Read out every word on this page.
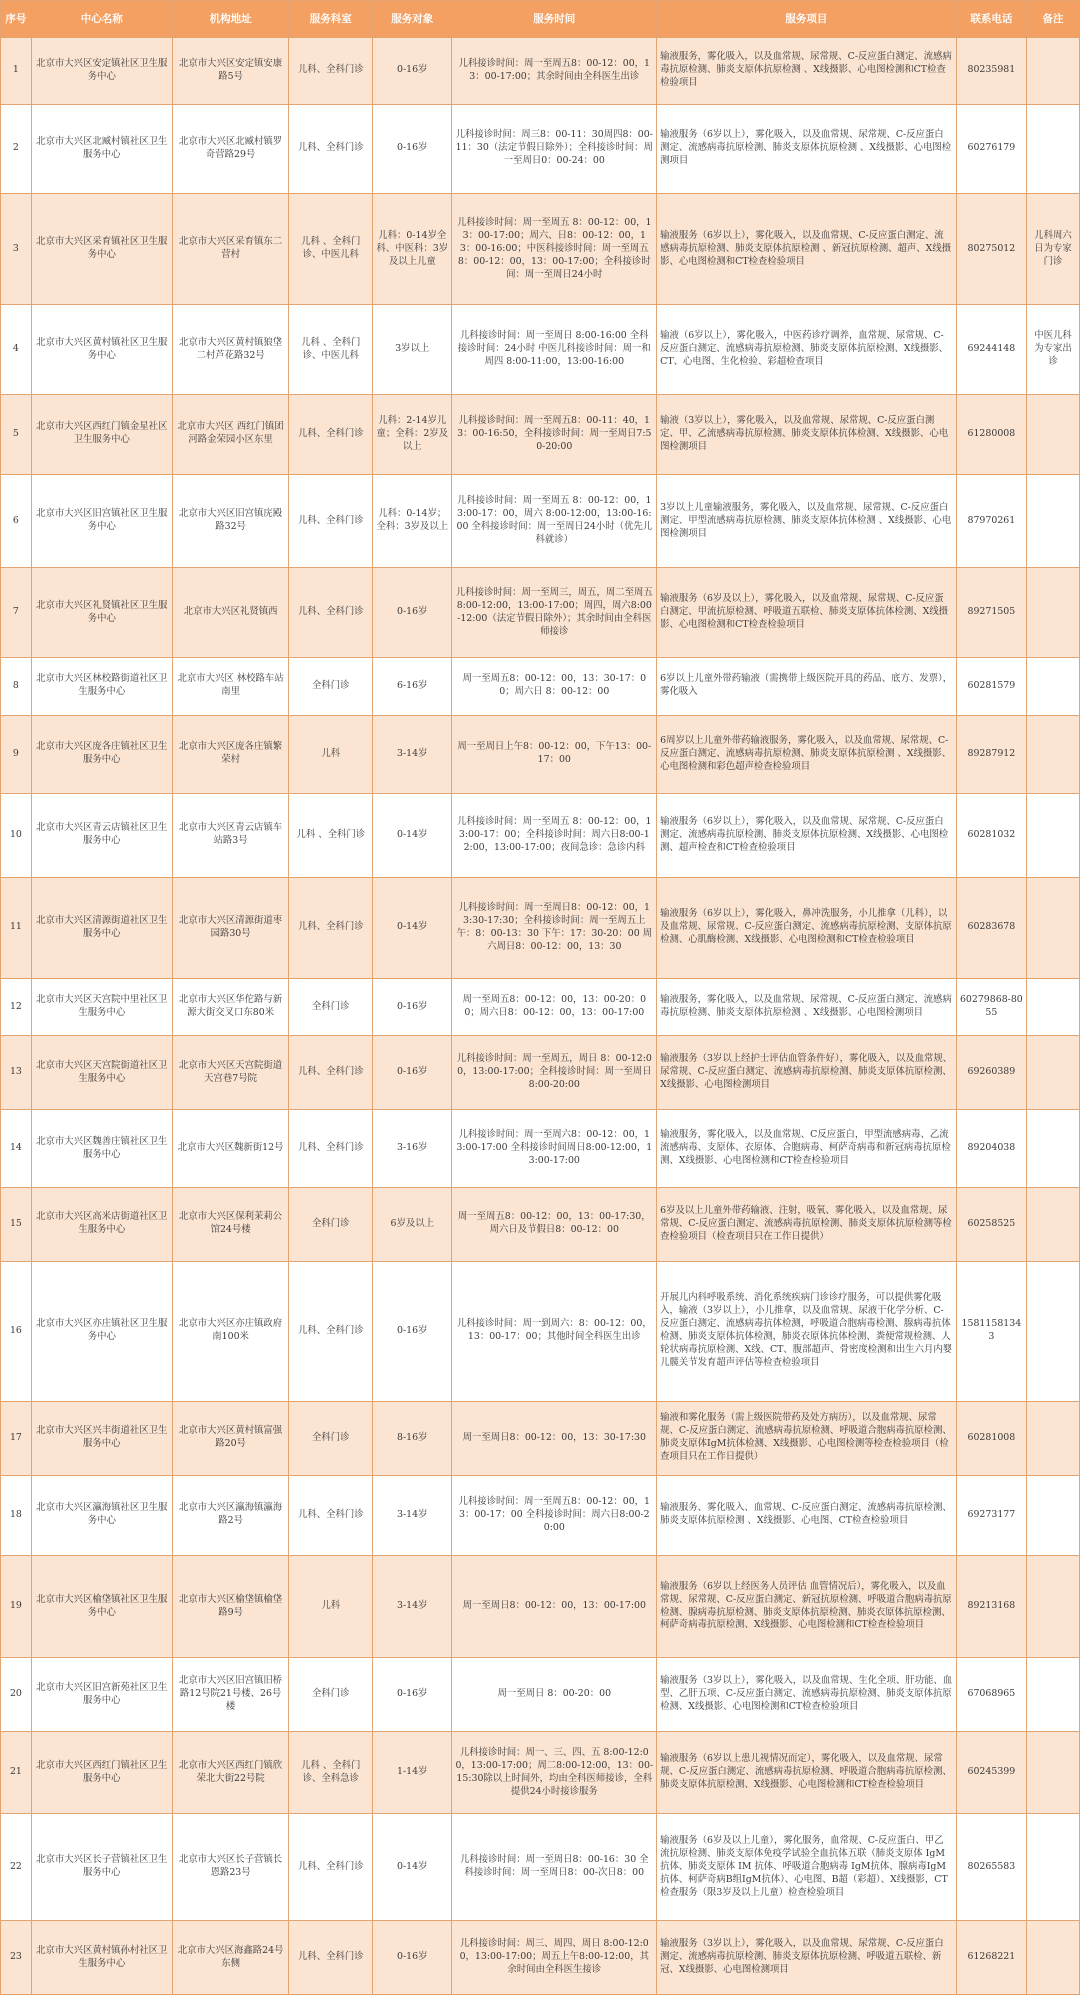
序号	中心名称	机构地址	服务科室	服务对象	服务时间	服务项目	联系电话	备注
1	北京市大兴区安定镇社区卫生服务中心	北京市大兴区安定镇安康路5号	儿科、全科门诊	0-16岁	儿科接诊时间：周一至周五8：00-12：00，13：00-17:00；其余时间由全科医生出诊	输液服务，雾化吸入，以及血常规、尿常规、C-反应蛋白测定、流感病毒抗原检测、肺炎支原体抗原检测 、X线摄影、心电图检测和CT检查检验项目	80235981	
2	北京市大兴区北臧村镇社区卫生服务中心	北京市大兴区北臧村镇罗奇营路29号	儿科、全科门诊	0-16岁	儿科接诊时间：周三8：00-11：30周四8：00-11：30（法定节假日除外）；全科接诊时间：周一至周日0：00-24：00	输液服务（6岁以上），雾化吸入，以及血常规、尿常规、C-反应蛋白测定、流感病毒抗原检测、肺炎支原体抗原检测 、X线摄影、心电图检测项目	60276179	
3	北京市大兴区采育镇社区卫生服务中心	北京市大兴区采育镇东二营村	儿科 、全科门诊、中医儿科	儿科：0-14岁全科、中医科：3岁及以上儿童	儿科接诊时间：周一至周五 8：00-12：00，13：00-17:00；周六、日8：00-12：00，13：00-16:00；中医科接诊时间：周一至周五 8：00-12：00，13：00-17:00；全科接诊时间：周一至周日24小时	输液服务（6岁以上），雾化吸入，以及血常规、C-反应蛋白测定、流感病毒抗原检测、肺炎支原体抗原检测 、新冠抗原检测、超声、X线摄影、心电图检测和CT检查检验项目	80275012	儿科周六日为专家门诊
4	北京市大兴区黄村镇社区卫生服务中心	北京市大兴区黄村镇狼垡二村芦花路32号	儿科 、全科门诊、中医儿科	3岁以上	儿科接诊时间：周一至周日 8:00-16:00 全科接诊时间：24小时 中医儿科接诊时间：周一和周四 8:00-11:00，13:00-16:00	输液（6岁以上），雾化吸入，中医药诊疗调养，血常规、尿常规、C-反应蛋白测定、流感病毒抗原检测、肺炎支原体抗原检测、X线摄影、CT、心电图、生化检验、彩超检查项目	69244148	中医儿科为专家出诊
5	北京市大兴区西红门镇金星社区卫生服务中心	北京市大兴区 西红门镇团河路金荣园小区东里	儿科、全科门诊	儿科：2-14岁儿童；全科：2岁及以上	儿科接诊时间：周一至周五8：00-11：40，13：00-16:50，全科接诊时间：周一至周日7:50-20:00	输液（3岁以上），雾化吸入，以及血常规、尿常规、C-反应蛋白测定、甲、乙流感病毒抗原检测、肺炎支原体抗体检测、X线摄影、心电图检测项目	61280008	
6	北京市大兴区旧宫镇社区卫生服务中心	北京市大兴区旧宫镇庑殿路32号	儿科、全科门诊	儿科：0-14岁；全科：3岁及以上	儿科接诊时间：周一至周五 8：00-12：00，13:00-17：00，周六 8:00-12:00，13:00-16:00 全科接诊时间：周一至周日24小时（优先儿科就诊）	3岁以上儿童输液服务，雾化吸入，以及血常规、尿常规、C-反应蛋白测定、甲型流感病毒抗原检测、肺炎支原体抗体检测 、X线摄影、心电图检测项目	87970261	
7	北京市大兴区礼贤镇社区卫生服务中心	北京市大兴区礼贤镇西	儿科、全科门诊	0-16岁	儿科接诊时间：周一至周三，周五，周二至周五8:00-12:00，13:00-17:00；周四，周六8:00-12:00（法定节假日除外）；其余时间由全科医师接诊	输液服务（6岁及以上），雾化吸入，以及血常规、尿常规、C-反应蛋白测定、甲流抗原检测、呼吸道五联检、肺炎支原体抗体检测、X线摄影、心电图检测和CT检查检验项目	89271505	
8	北京市大兴区林校路街道社区卫生服务中心	北京市大兴区 林校路车站南里	全科门诊	6-16岁	周一至周五8：00-12：00，13：30-17：00；周六日 8：00-12：00	6岁以上儿童外带药输液（需携带上级医院开具的药品、底方、发票），雾化吸入	60281579	
9	北京市大兴区庞各庄镇社区卫生服务中心	北京市大兴区庞各庄镇繁荣村	儿科	3-14岁	周一至周日上午8：00-12：00，下午13：00-17：00	6周岁以上儿童外带药输液服务，雾化吸入，以及血常规、尿常规、C-反应蛋白测定、流感病毒抗原检测、肺炎支原体抗原检测 、X线摄影、心电图检测和彩色超声检查检验项目	89287912	
10	北京市大兴区青云店镇社区卫生服务中心	北京市大兴区青云店镇车站路3号	儿科 、全科门诊	0-14岁	儿科接诊时间：周一至周五 8：00-12：00，13:00-17：00；全科接诊时间：周六日8:00-12:00，13:00-17:00；夜间急诊：急诊内科	输液服务（6岁以上），雾化吸入，以及血常规、尿常规、C-反应蛋白测定、流感病毒抗原检测、肺炎支原体抗原检测、X线摄影、心电图检测、超声检查和CT检查检验项目	60281032	
11	北京市大兴区清源街道社区卫生服务中心	北京市大兴区清源街道枣园路30号	儿科、全科门诊	0-14岁	儿科接诊时间：周一至周日8：00-12：00，13:30-17:30；全科接诊时间：周一至周五上午：8：00-13：30 下午：17：30-20：00 周六周日8：00-12：00，13：30	输液服务（6岁以上），雾化吸入，鼻冲洗服务，小儿推拿（儿科），以及血常规、尿常规、C-反应蛋白测定、流感病毒抗原检测、支原体抗原检测、心肌酶检测、X线摄影、心电图检测和CT检查检验项目	60283678	
12	北京市大兴区天宫院中里社区卫生服务中心	北京市大兴区华佗路与新源大街交叉口东80米	全科门诊	0-16岁	周一至周五8：00-12：00，13：00-20：00；周六日8：00-12：00，13：00-17:00	输液服务，雾化吸入，以及血常规、尿常规、C-反应蛋白测定、流感病毒抗原检测、肺炎支原体抗原检测 、X线摄影、心电图检测项目	60279868-8055	
13	北京市大兴区天宫院街道社区卫生服务中心	北京市大兴区天宫院街道天宫巷7号院	儿科、全科门诊	0-16岁	儿科接诊时间：周一至周五，周日 8：00-12:00，13:00-17:00；全科接诊时间：周一至周日 8:00-20:00	输液服务（3岁以上经护士评估血管条件好），雾化吸入，以及血常规、尿常规、C-反应蛋白测定、流感病毒抗原检测、肺炎支原体抗原检测、X线摄影、心电图检测项目	69260389	
14	北京市大兴区魏善庄镇社区卫生服务中心	北京市大兴区魏新街12号	儿科、全科门诊	3-16岁	儿科接诊时间：周一至周六8：00-12：00，13:00-17:00 全科接诊时间周日8:00-12:00，13:00-17:00	输液服务，雾化吸入，以及血常规、C反应蛋白，甲型流感病毒、乙流流感病毒、支原体、衣原体、合胞病毒、柯萨奇病毒和新冠病毒抗原检测、X线摄影、心电图检测和CT检查检验项目	89204038	
15	北京市大兴区高米店街道社区卫生服务中心	北京市大兴区保利茉莉公馆24号楼	全科门诊	6岁及以上	周一至周五8：00-12：00，13：00-17:30，周六日及节假日8：00-12：00	6岁及以上儿童外带药输液、注射，吸氧、雾化吸入，以及血常规、尿常规、C-反应蛋白测定、流感病毒抗原检测、肺炎支原体抗原检测等检查检验项目（检查项目只在工作日提供）	60258525	
16	北京市大兴区亦庄镇社区卫生服务中心	北京市大兴区亦庄镇政府南100米	儿科、全科门诊	0-16岁	儿科接诊时间：周一到周六：8：00-12：00，13：00-17：00；其他时间全科医生出诊	开展儿内科呼吸系统、消化系统疾病门诊诊疗服务，可以提供雾化吸入，输液（3岁以上），小儿推拿，以及血常规、尿液干化学分析、C-反应蛋白测定、流感病毒抗体检测，呼吸道合胞病毒检测、腺病毒抗体检测、肺炎支原体抗体检测，肺炎衣原体抗体检测、粪便常规检测、人轮状病毒抗原检测、X线、CT、腹部超声、骨密度检测和出生六月内婴儿髋关节发育超声评估等检查检验项目	15811581343	
17	北京市大兴区兴丰街道社区卫生服务中心	北京市大兴区黄村镇富强路20号	全科门诊	8-16岁	周一至周日8：00-12：00，13：30-17:30	输液和雾化服务（需上级医院带药及处方病历），以及血常规、尿常规、C-反应蛋白测定、流感病毒抗原检测、呼吸道合胞病毒抗原检测、肺炎支原体IgM抗体检测、X线摄影、心电图检测等检查检验项目（检查项目只在工作日提供）	60281008	
18	北京市大兴区瀛海镇社区卫生服务中心	北京市大兴区瀛海镇瀛海路2号	儿科、全科门诊	3-14岁	儿科接诊时间：周一至周五8：00-12：00，13：00-17：00 全科接诊时间：周六日8:00-20:00	输液服务、雾化吸入、血常规、C-反应蛋白测定、流感病毒抗原检测、肺炎支原体抗原检测 、X线摄影、心电图、CT检查检验项目	69273177	
19	北京市大兴区榆垡镇社区卫生服务中心	北京市大兴区榆垡镇榆垡路9号	儿科	3-14岁	周一至周日8：00-12：00，13：00-17:00	输液服务（6岁以上经医务人员评估 血管情况后），雾化吸入，以及血常规、尿常规、C-反应蛋白测定、新冠抗原检测、呼吸道合胞病毒抗原检测、腺病毒抗原检测、肺炎支原体抗原检测、肺炎衣原体抗原检测、柯萨奇病毒抗原检测、X线摄影、心电图检测和CT检查检验项目	89213168	
20	北京市大兴区旧宫新苑社区卫生服务中心	北京市大兴区旧宫镇旧桥路12号院21号楼、26号楼	全科门诊	0-16岁	周一至周日 8：00-20：00	输液服务（3岁以上），雾化吸入，以及血常规、生化全项、肝功能、血型、乙肝五项、C-反应蛋白测定、流感病毒抗原检测、肺炎支原体抗原检测、X线摄影、心电图检测和CT检查检验项目	67068965	
21	北京市大兴区西红门镇社区卫生服务中心	北京市大兴区西红门镇欣荣北大街22号院	儿科 、全科门诊、全科急诊	1-14岁	儿科接诊时间：周一、三、四、五 8:00-12:00，13:00-17:00；周二8:00-12:00，13：00-15:30除以上时间外，均由全科医师接诊，全科提供24小时接诊服务	输液服务（6岁以上患儿视情况而定），雾化吸入，以及血常规、尿常规、C-反应蛋白测定、流感病毒抗原检测、呼吸道合胞病毒抗原检测、肺炎支原体抗原检测、X线摄影、心电图检测和CT检查检验项目	60245399	
22	北京市大兴区长子营镇社区卫生服务中心	北京市大兴区长子营镇长恩路23号	儿科、全科门诊	0-14岁	儿科接诊时间：周一至周日8：00-16：30 全科接诊时间：周一至周日8：00-次日8：00	输液服务（6岁及以上儿童），雾化服务，血常规、C-反应蛋白、甲乙流抗原检测、肺炎支原体免疫学试验全血抗体五联（肺炎支原体 IgM 抗体、肺炎支原体 IM 抗体、呼吸道合胞病毒 IgM抗体、腺病毒IgM抗体、柯萨奇病B组IgM抗体）、心电图、B超（彩超）、X线摄影，CT检查服务（限3岁及以上儿童）检查检验项目	80265583	
23	北京市大兴区黄村镇孙村社区卫生服务中心	北京市大兴区海鑫路24号东侧	儿科、全科门诊	0-16岁	儿科接诊时间：周三、周四、周日 8:00-12:00，13:00-17:00；周五上午8:00-12:00，其余时间由全科医生接诊	输液服务（3岁以上），雾化吸入，以及血常规、尿常规、C-反应蛋白测定、流感病毒抗原检测、肺炎支原体抗原检测、呼吸道五联检、新冠、X线摄影、心电图检测项目	61268221	
